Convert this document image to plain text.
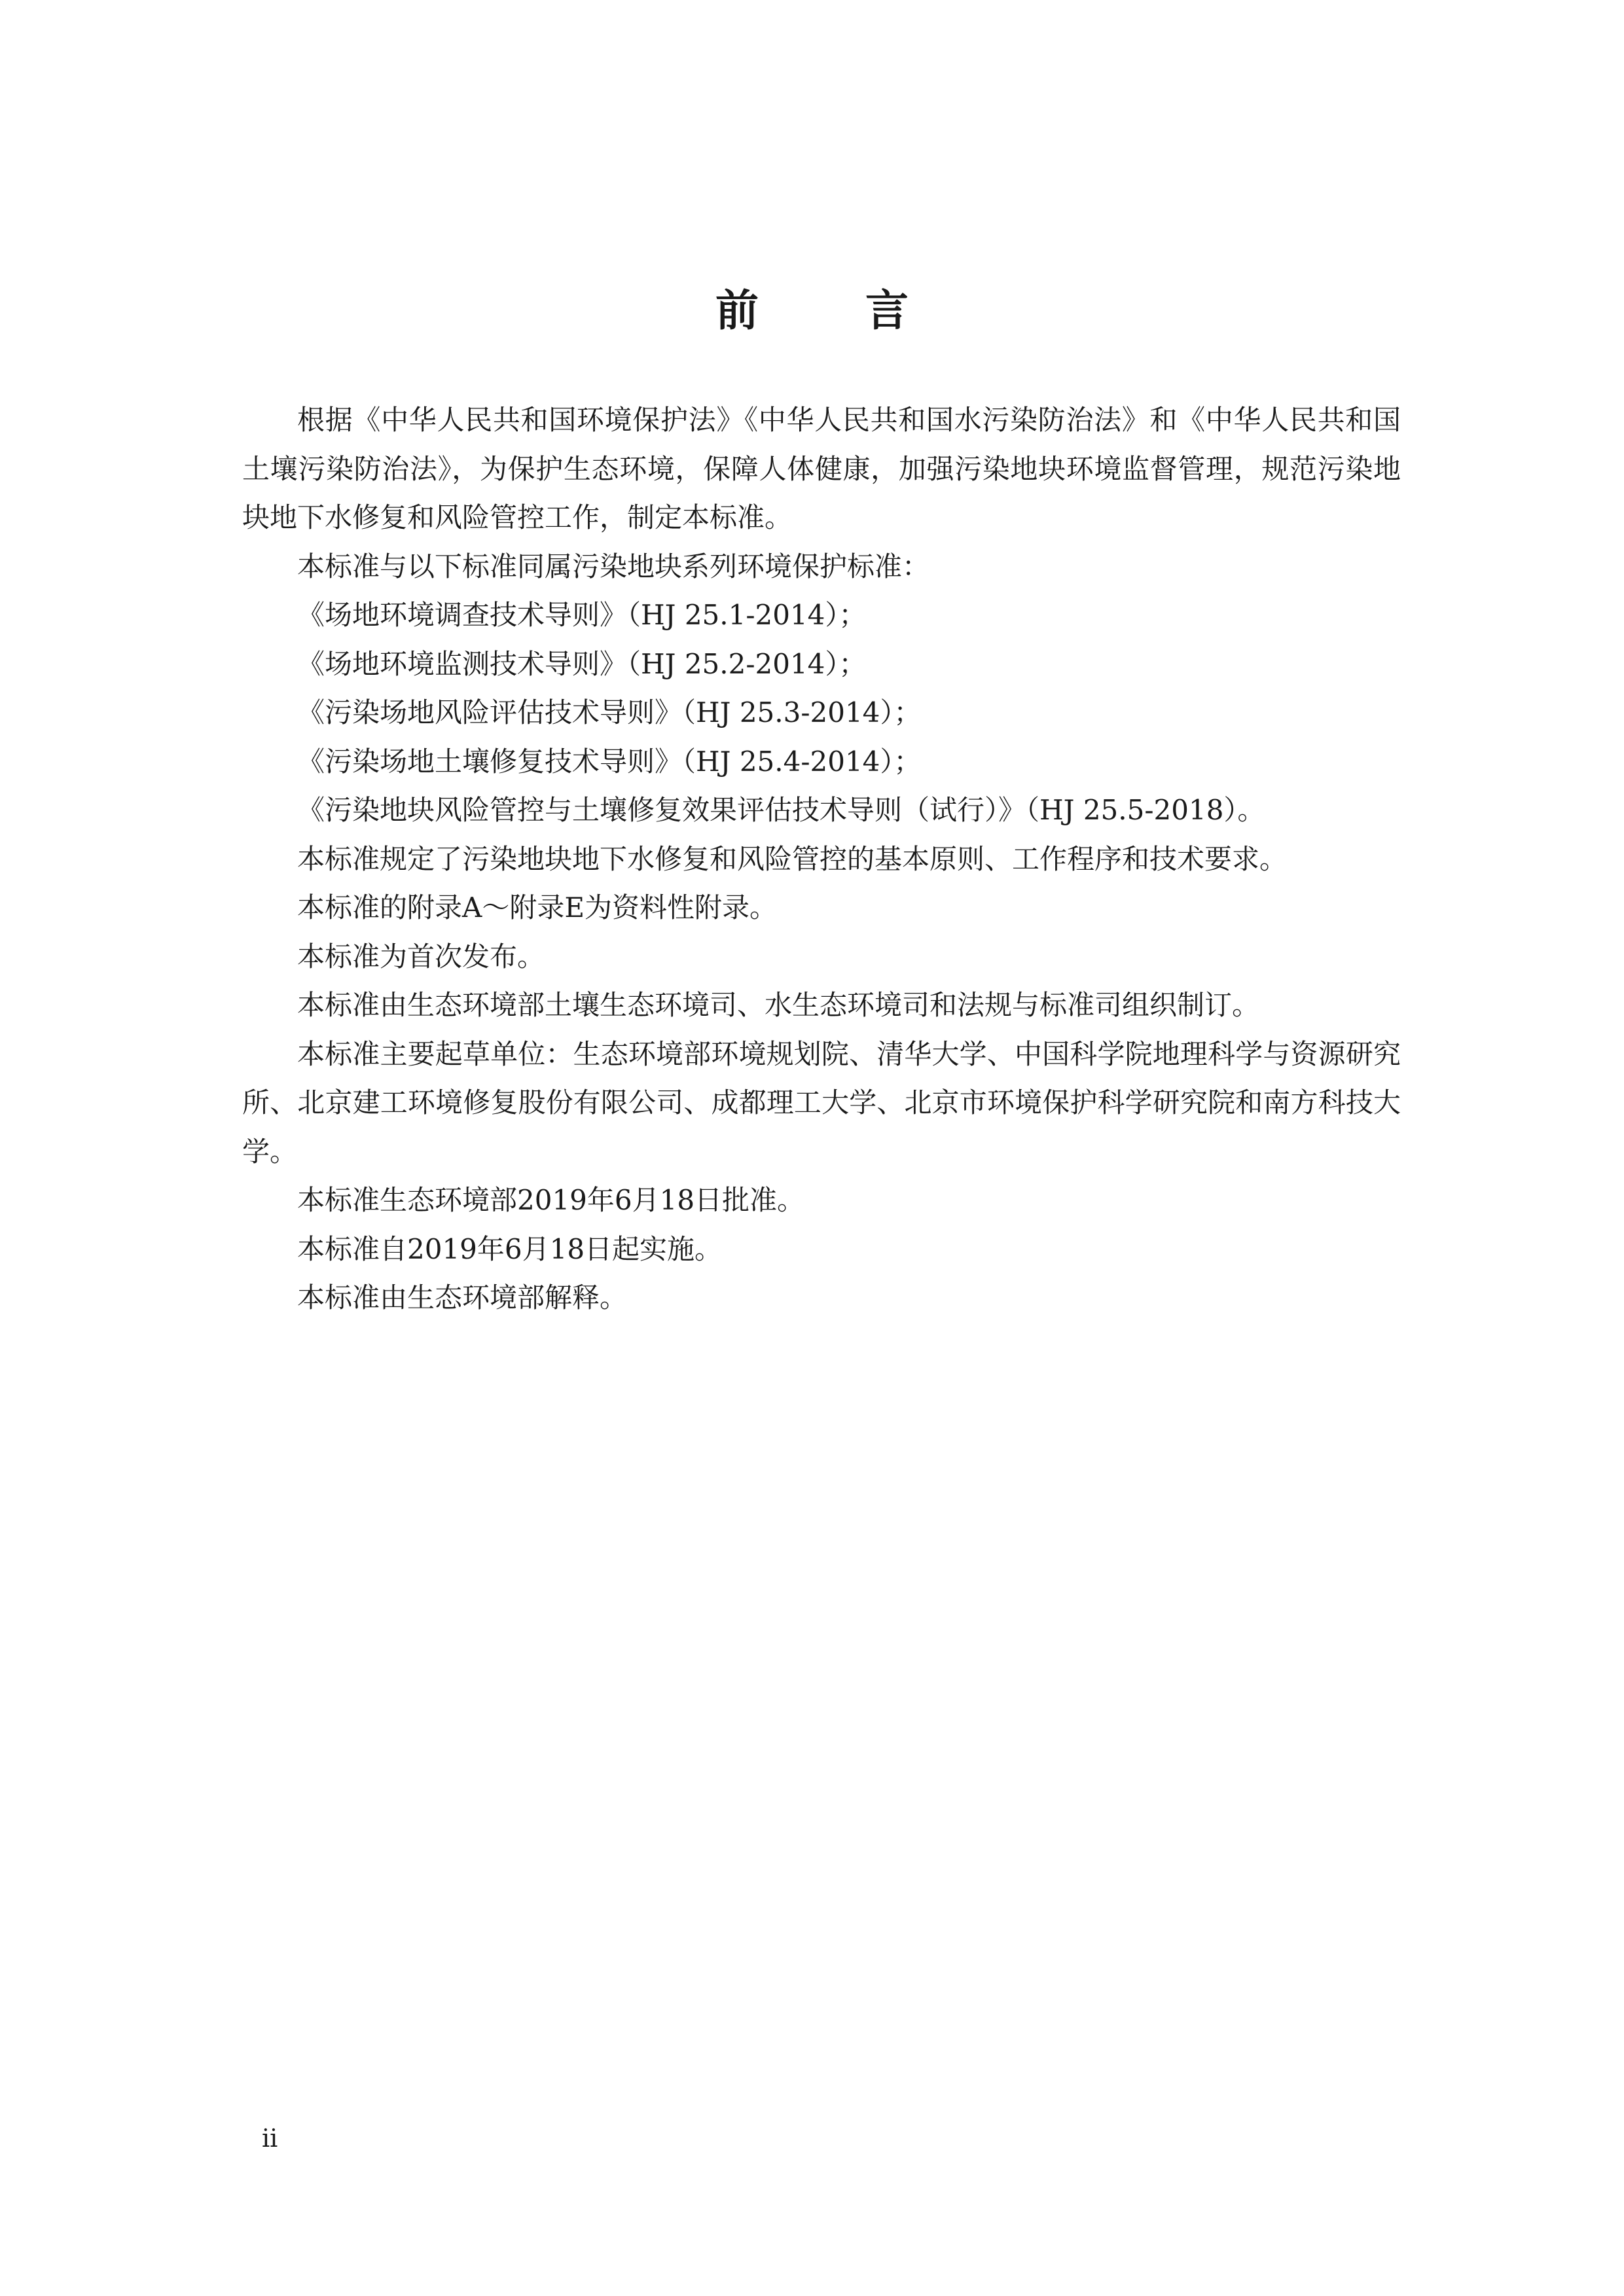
前 言

根据《中华人民共和国环境保护法》《中华人民共和国水污染防治法》和《中华人民共和国土壤污染防治法》，为保护生态环境，保障人体健康，加强污染地块环境监督管理，规范污染地块地下水修复和风险管控工作，制定本标准。

本标准与以下标准同属污染地块系列环境保护标准：

《场地环境调查技术导则》（HJ 25.1-2014）；

《场地环境监测技术导则》（HJ 25.2-2014）；

《污染场地风险评估技术导则》（HJ 25.3-2014）；

《污染场地土壤修复技术导则》（HJ 25.4-2014）；

《污染地块风险管控与土壤修复效果评估技术导则（试行）》（HJ 25.5-2018）。

本标准规定了污染地块地下水修复和风险管控的基本原则、工作程序和技术要求。

本标准的附录A～附录E为资料性附录。

本标准为首次发布。

本标准由生态环境部土壤生态环境司、水生态环境司和法规与标准司组织制订。

本标准主要起草单位：生态环境部环境规划院、清华大学、中国科学院地理科学与资源研究所、北京建工环境修复股份有限公司、成都理工大学、北京市环境保护科学研究院和南方科技大学。

本标准生态环境部2019年6月18日批准。

本标准自2019年6月18日起实施。

本标准由生态环境部解释。

ii
